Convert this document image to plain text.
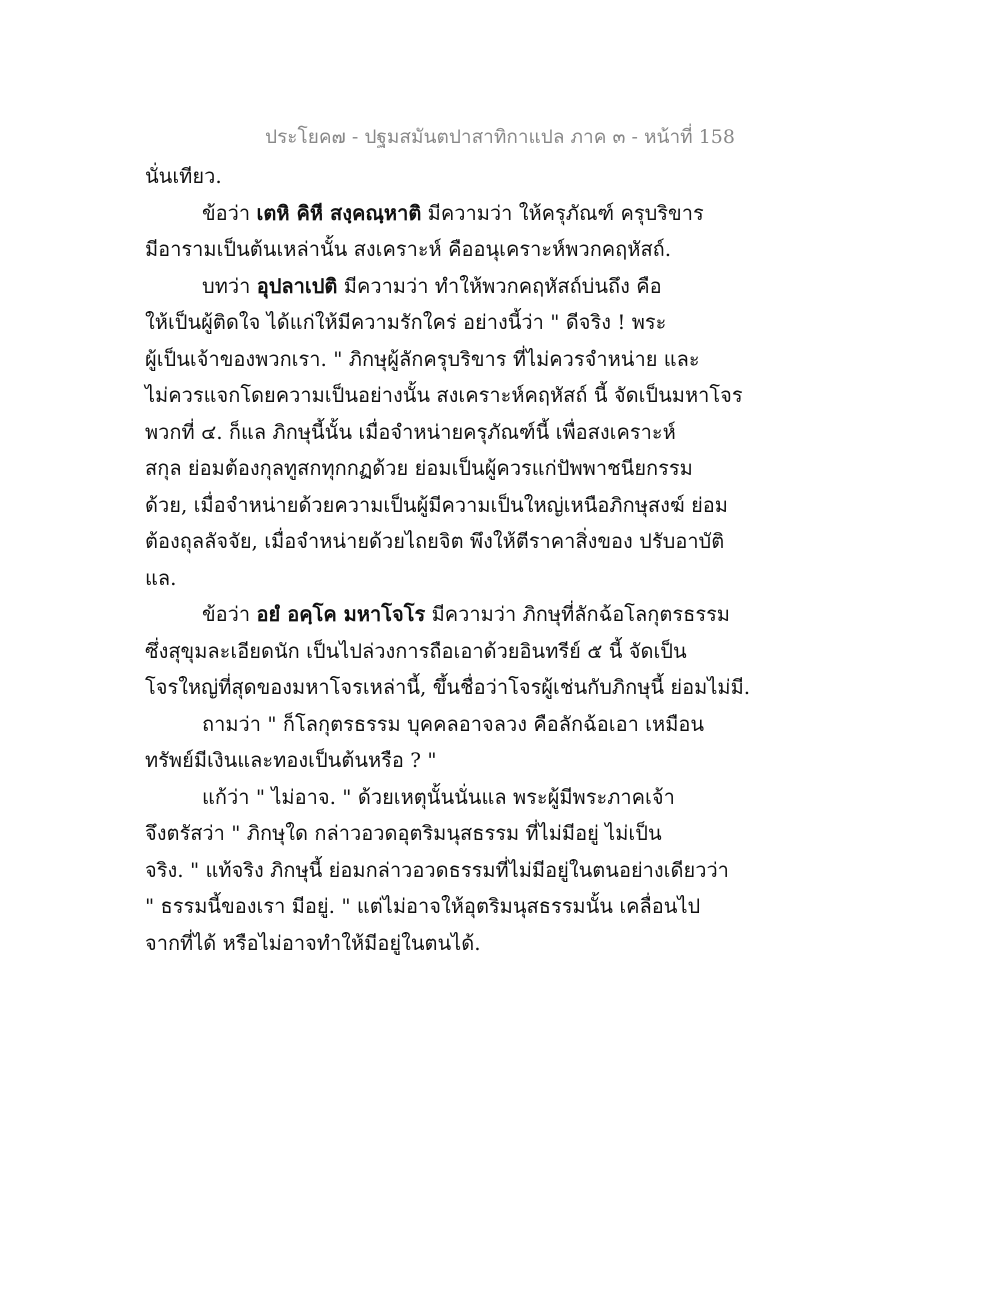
ประโยค๗ - ปฐมสมันตปาสาทิกาแปล ภาค ๓ - หน้าที่ 158
นั่นเทียว.
ข้อว่า เตหิ คิหี สงฺคณฺหาติ มีความว่า ให้ครุภัณฑ์ ครุบริขาร
มีอารามเป็นต้นเหล่านั้น สงเคราะห์ คืออนุเคราะห์พวกคฤหัสถ์.
บทว่า อุปลาเปติ มีความว่า ทำให้พวกคฤหัสถ์บ่นถึง คือ
ให้เป็นผู้ติดใจ ได้แก่ให้มีความรักใคร่ อย่างนี้ว่า " ดีจริง ! พระ
ผู้เป็นเจ้าของพวกเรา. " ภิกษุผู้ลักครุบริขาร ที่ไม่ควรจำหน่าย และ
ไม่ควรแจกโดยความเป็นอย่างนั้น สงเคราะห์คฤหัสถ์ นี้ จัดเป็นมหาโจร
พวกที่ ๔. ก็แล ภิกษุนี้นั้น เมื่อจำหน่ายครุภัณฑ์นี้ เพื่อสงเคราะห์
สกุล ย่อมต้องกุลทูสกทุกกฏด้วย ย่อมเป็นผู้ควรแก่ปัพพาชนียกรรม
ด้วย, เมื่อจำหน่ายด้วยความเป็นผู้มีความเป็นใหญ่เหนือภิกษุสงฆ์ ย่อม
ต้องถุลลัจจัย, เมื่อจำหน่ายด้วยไถยจิต พึงให้ตีราคาสิ่งของ ปรับอาบัติ
แล.
ข้อว่า อยํ อคฺโค มหาโจโร มีความว่า ภิกษุที่ลักฉ้อโลกุตรธรรม
ซึ่งสุขุมละเอียดนัก เป็นไปล่วงการถือเอาด้วยอินทรีย์ ๕ นี้ จัดเป็น
โจรใหญ่ที่สุดของมหาโจรเหล่านี้, ขึ้นชื่อว่าโจรผู้เช่นกับภิกษุนี้ ย่อมไม่มี.
ถามว่า " ก็โลกุตรธรรม บุคคลอาจลวง คือลักฉ้อเอา เหมือน
ทรัพย์มีเงินและทองเป็นต้นหรือ ? "
แก้ว่า " ไม่อาจ. " ด้วยเหตุนั้นนั่นแล พระผู้มีพระภาคเจ้า
จึงตรัสว่า " ภิกษุใด กล่าวอวดอุตริมนุสธรรม ที่ไม่มีอยู่ ไม่เป็น
จริง. " แท้จริง ภิกษุนี้ ย่อมกล่าวอวดธรรมที่ไม่มีอยู่ในตนอย่างเดียวว่า
" ธรรมนี้ของเรา มีอยู่. " แต่ไม่อาจให้อุตริมนุสธรรมนั้น เคลื่อนไป
จากที่ได้ หรือไม่อาจทำให้มีอยู่ในตนได้.
